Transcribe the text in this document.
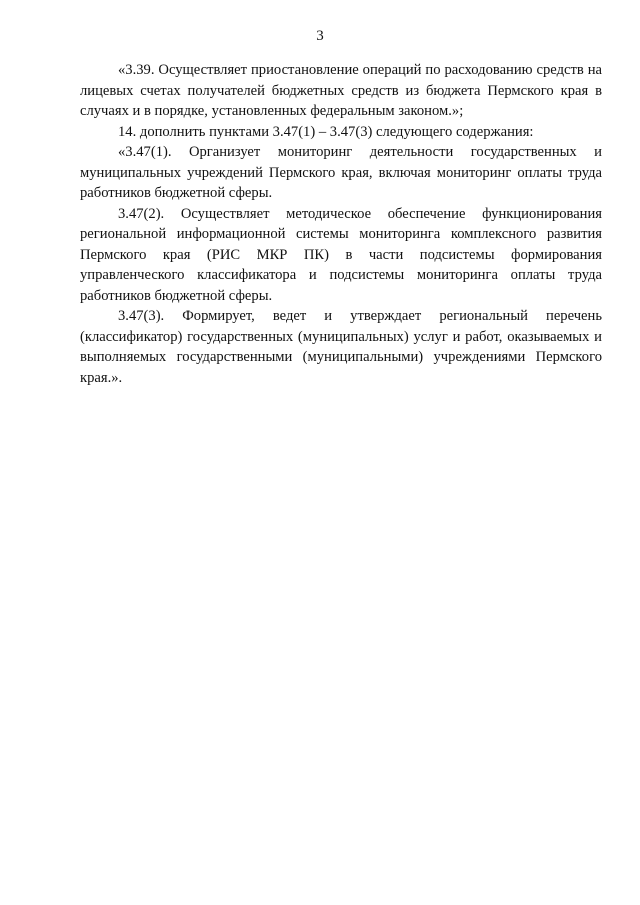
3

«3.39. Осуществляет приостановление операций по расходованию средств на лицевых счетах получателей бюджетных средств из бюджета Пермского края в случаях и в порядке, установленных федеральным законом.»;

14. дополнить пунктами 3.47(1) – 3.47(3) следующего содержания:

«3.47(1). Организует мониторинг деятельности государственных и муниципальных учреждений Пермского края, включая мониторинг оплаты труда работников бюджетной сферы.

3.47(2). Осуществляет методическое обеспечение функционирования региональной информационной системы мониторинга комплексного развития Пермского края (РИС МКР ПК) в части подсистемы формирования управленческого классификатора и подсистемы мониторинга оплаты труда работников бюджетной сферы.

3.47(3). Формирует, ведет и утверждает региональный перечень (классификатор) государственных (муниципальных) услуг и работ, оказываемых и выполняемых государственными (муниципальными) учреждениями Пермского края.».
